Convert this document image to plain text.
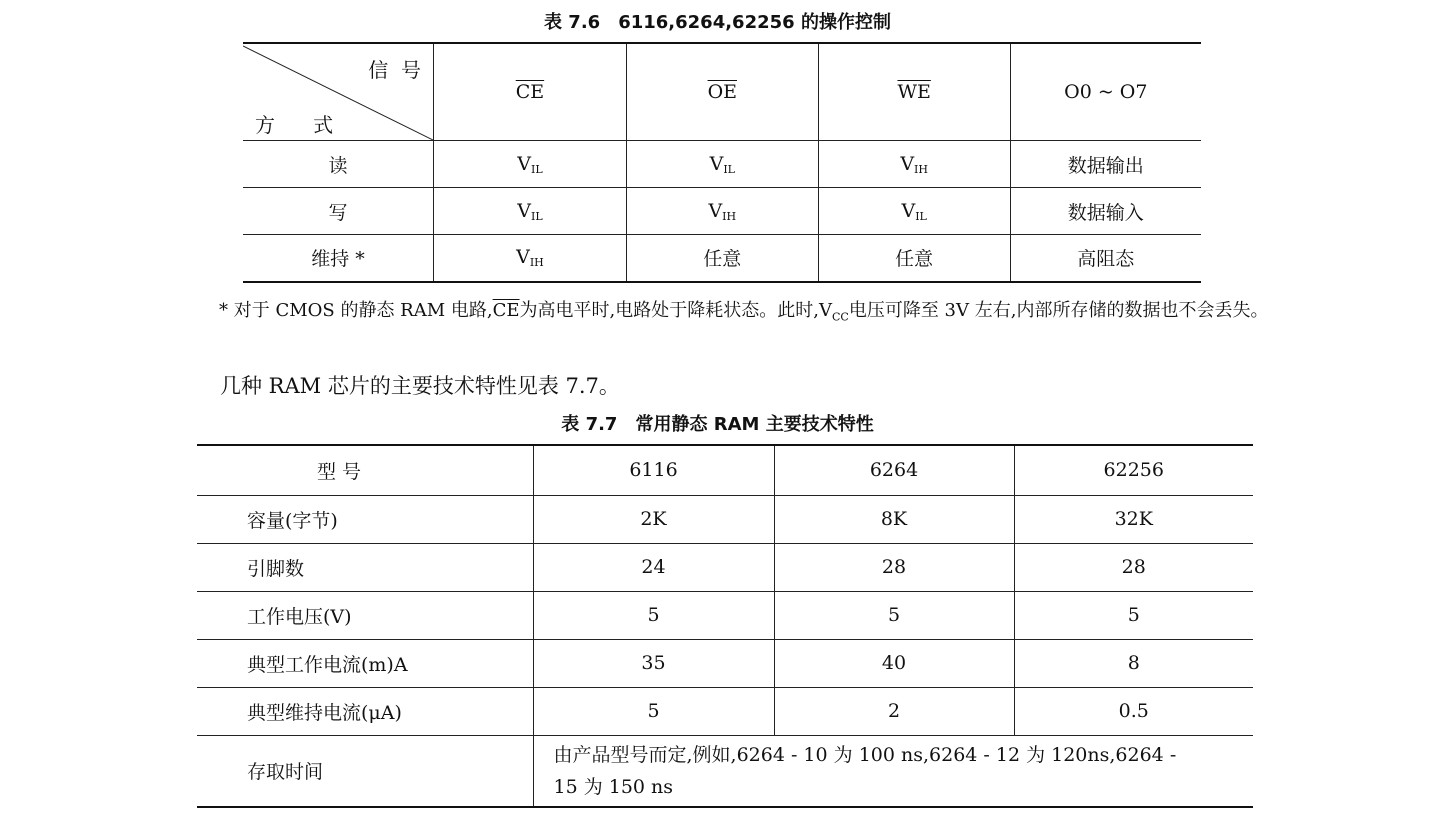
表 7.6 6116,6264,62256 的操作控制
信  号
方      式	$\overline{CE}$	$\overline{OE}$	$\overline{WE}$	O0 ~ O7
读	$V_{IL}$	$V_{IL}$	$V_{IH}$	数据输出
写	$V_{IL}$	$V_{IH}$	$V_{IL}$	数据输入
维持 *	$V_{IH}$	任意	任意	高阻态
* 对于 CMOS 的静态 RAM 电路$,\overline{CE}$为高电平时,电路处于降耗状态。此时$,V_{CC}$电压可降至 3V 左右,内部所存储的数据也不会丢失。
几种 RAM 芯片的主要技术特性见表 7.7。
表 7.7 常用静态 RAM 主要技术特性
型 号	6116	6264	62256
容量(字节)	2K	8K	32K
引脚数	24	28	28
工作电压(V)	5	5	5
典型工作电流(m)A	35	40	8
典型维持电流(μA)	5	2	0.5
存取时间	由产品型号而定,例如,6264 - 10 为 100 ns,6264 - 12 为 120ns,6264 -
15 为 150 ns		
